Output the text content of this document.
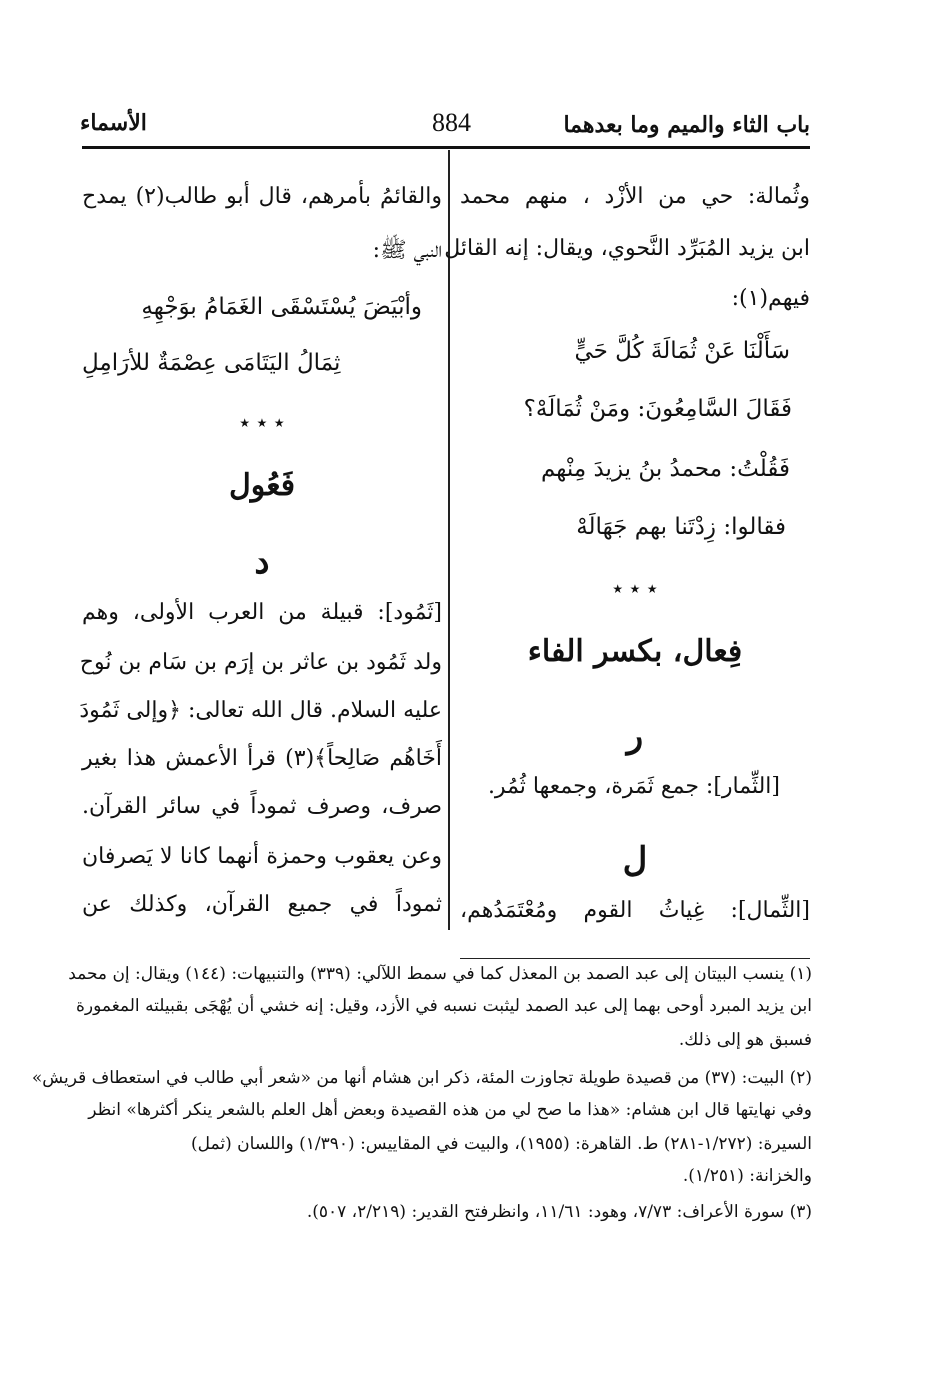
باب الثاء والميم وما بعدهما
884
الأسماء
وثُمالة: حي من الأزْد ، منهم محمد
ابن يزيد المُبَرِّد النَّحوي، ويقال: إنه القائل
فيهم(١):
سَأَلْنَا عَنْ ثُمَالَةَ كُلَّ حَيٍّ
فَقَالَ السَّامِعُونَ: ومَنْ ثُمَالَهْ؟
فَقُلْتُ: محمدُ بنُ يزيدَ مِنْهم
فقالوا: زِدْتَنا بهم جَهَالَهْ
٭ ٭ ٭
فِعال، بكسر الفاء
ر
[الثِّمار]: جمع ثَمَرة، وجمعها ثُمُر.
ل
[الثِّمال]: غِياثُ القوم ومُعْتَمَدُهم،
والقائمُ بأمرهم، قال أبو طالب(٢) يمدح
النبي ﷺ:
وأبْيَضَ يُسْتَسْقَى الغَمَامُ بوَجْهِهِ
ثِمَالُ اليَتَامَى عِصْمَةٌ للأرَامِلِ
٭ ٭ ٭
فَعُول
د
[ثَمُود]: قبيلة من العرب الأولى، وهم
ولد ثَمُود بن عاثر بن إرَم بن سَام بن نُوح
عليه السلام. قال الله تعالى: ﴿وإلى ثَمُودَ
أَخَاهُم صَالِحاً﴾(٣) قرأ الأعمش هذا بغير
صرف، وصرف ثموداً في سائر القرآن.
وعن يعقوب وحمزة أنهما كانا لا يَصرفان
ثموداً في جميع القرآن، وكذلك عن
(١) ينسب البيتان إلى عبد الصمد بن المعذل كما في سمط اللآلي: (٣٣٩) والتنبيهات: (١٤٤) ويقال: إن محمد
ابن يزيد المبرد أوحى بهما إلى عبد الصمد ليثبت نسبه في الأزد، وقيل: إنه خشي أن يُهْجَى بقبيلته المغمورة
فسبق هو إلى ذلك.
(٢) البيت: (٣٧) من قصيدة طويلة تجاوزت المئة، ذكر ابن هشام أنها من «شعر أبي طالب في استعطاف قريش»
وفي نهايتها قال ابن هشام: «هذا ما صح لي من هذه القصيدة وبعض أهل العلم بالشعر ينكر أكثرها» انظر
السيرة: (١/٢٧٢-٢٨١) ط. القاهرة: (١٩٥٥)، والبيت في المقاييس: (١/٣٩٠) واللسان (ثمل)
والخزانة: (١/٢٥١).
(٣) سورة الأعراف: ٧/٧٣، وهود: ١١/٦١، وانظرفتح القدير: (٢/٢١٩، ٥٠٧).
